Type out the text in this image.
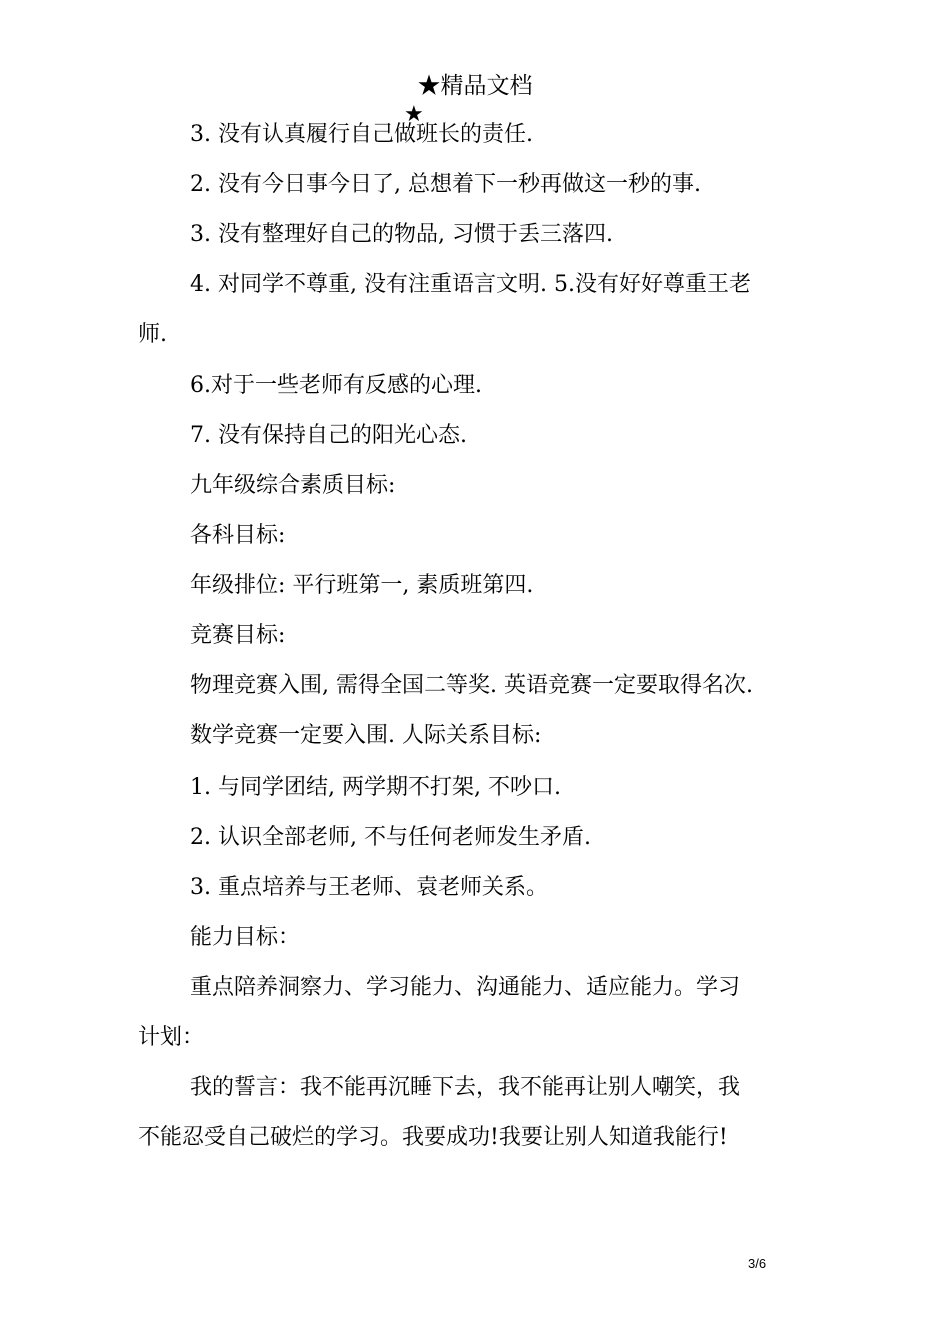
★精品文档
★
3. 没有认真履行自己做班长的责任.
2. 没有今日事今日了, 总想着下一秒再做这一秒的事.
3. 没有整理好自己的物品, 习惯于丢三落四.
4. 对同学不尊重, 没有注重语言文明. 5.没有好好尊重王老
师.
6.对于一些老师有反感的心理.
7. 没有保持自己的阳光心态.
九年级综合素质目标:
各科目标:
年级排位: 平行班第一, 素质班第四.
竞赛目标:
物理竞赛入围, 需得全国二等奖. 英语竞赛一定要取得名次.
数学竞赛一定要入围. 人际关系目标:
1. 与同学团结, 两学期不打架, 不吵口.
2. 认识全部老师, 不与任何老师发生矛盾.
3. 重点培养与王老师、袁老师关系。
能力目标：
重点陪养洞察力、学习能力、沟通能力、适应能力。学习
计划：
我的誓言：我不能再沉睡下去，我不能再让别人嘲笑，我
不能忍受自己破烂的学习。我要成功!我要让别人知道我能行!
3/6
